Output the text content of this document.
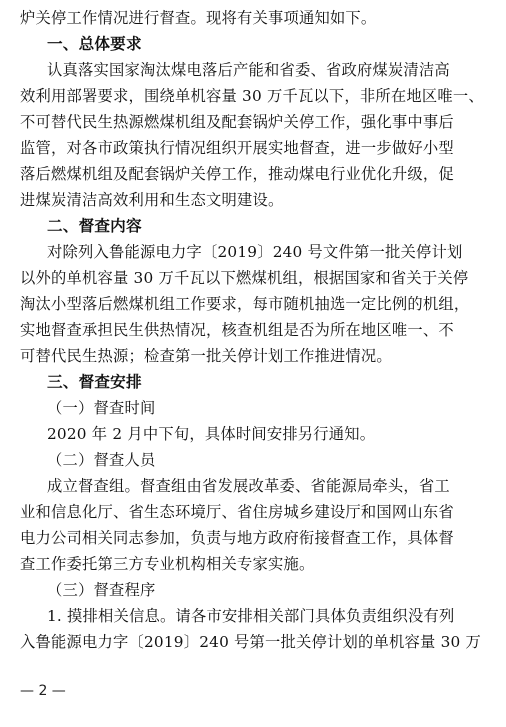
炉关停工作情况进行督查。现将有关事项通知如下。
一、总体要求
认真落实国家淘汰煤电落后产能和省委、省政府煤炭清洁高
效利用部署要求，围绕单机容量 30 万千瓦以下，非所在地区唯一、
不可替代民生热源燃煤机组及配套锅炉关停工作，强化事中事后
监管，对各市政策执行情况组织开展实地督查，进一步做好小型
落后燃煤机组及配套锅炉关停工作，推动煤电行业优化升级，促
进煤炭清洁高效利用和生态文明建设。
二、督查内容
对除列入鲁能源电力字〔2019〕240 号文件第一批关停计划
以外的单机容量 30 万千瓦以下燃煤机组，根据国家和省关于关停
淘汰小型落后燃煤机组工作要求，每市随机抽选一定比例的机组，
实地督查承担民生供热情况，核查机组是否为所在地区唯一、不
可替代民生热源；检查第一批关停计划工作推进情况。
三、督查安排
（一）督查时间
2020 年 2 月中下旬，具体时间安排另行通知。
（二）督查人员
成立督查组。督查组由省发展改革委、省能源局牵头，省工
业和信息化厅、省生态环境厅、省住房城乡建设厅和国网山东省
电力公司相关同志参加，负责与地方政府衔接督查工作，具体督
查工作委托第三方专业机构相关专家实施。
（三）督查程序
1. 摸排相关信息。请各市安排相关部门具体负责组织没有列
入鲁能源电力字〔2019〕240 号第一批关停计划的单机容量 30 万
— 2 —
